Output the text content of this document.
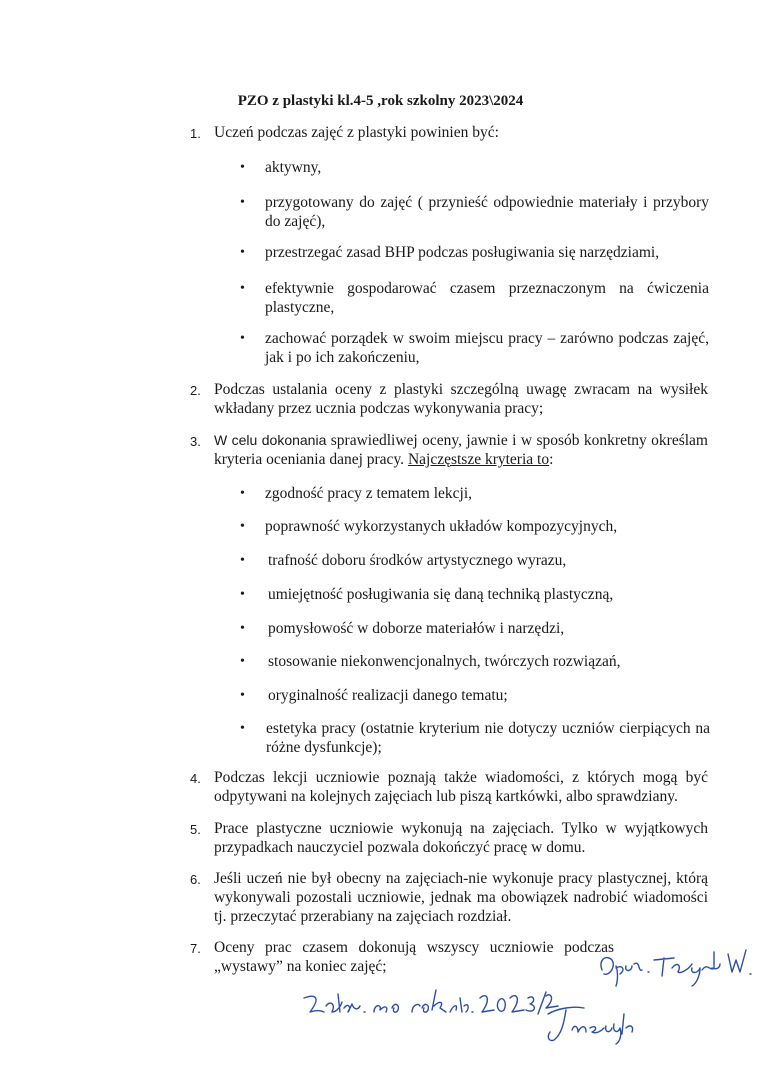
PZO z plastyki kl.4-5 ,rok szkolny 2023\2024
1. Uczeń podczas zajęć z plastyki powinien być:
• aktywny,
• przygotowany do zajęć ( przynieść odpowiednie materiały i przybory do zajęć),
• przestrzegać zasad BHP podczas posługiwania się narzędziami,
• efektywnie gospodarować czasem przeznaczonym na ćwiczenia plastyczne,
• zachować porządek w swoim miejscu pracy – zarówno podczas zajęć, jak i po ich zakończeniu,
2. Podczas ustalania oceny z plastyki szczególną uwagę zwracam na wysiłek wkładany przez ucznia podczas wykonywania pracy;
3. W celu dokonania sprawiedliwej oceny, jawnie i w sposób konkretny określam kryteria oceniania danej pracy. Najczęstsze kryteria to:
• zgodność pracy z tematem lekcji,
• poprawność wykorzystanych układów kompozycyjnych,
• trafność doboru środków artystycznego wyrazu,
• umiejętność posługiwania się daną techniką plastyczną,
• pomysłowość w doborze materiałów i narzędzi,
• stosowanie niekonwencjonalnych, twórczych rozwiązań,
• oryginalność realizacji danego tematu;
• estetyka pracy (ostatnie kryterium nie dotyczy uczniów cierpiących na różne dysfunkcje);
4. Podczas lekcji uczniowie poznają także wiadomości, z których mogą być odpytywani na kolejnych zajęciach lub piszą kartkówki, albo sprawdziany.
5. Prace plastyczne uczniowie wykonują na zajęciach. Tylko w wyjątkowych przypadkach nauczyciel pozwala dokończyć pracę w domu.
6. Jeśli uczeń nie był obecny na zajęciach-nie wykonuje pracy plastycznej, którą wykonywali pozostali uczniowie, jednak ma obowiązek nadrobić wiadomości tj. przeczytać przerabiany na zajęciach rozdział.
7. Oceny prac czasem dokonują wszyscy uczniowie podczas „wystawy” na koniec zajęć;
